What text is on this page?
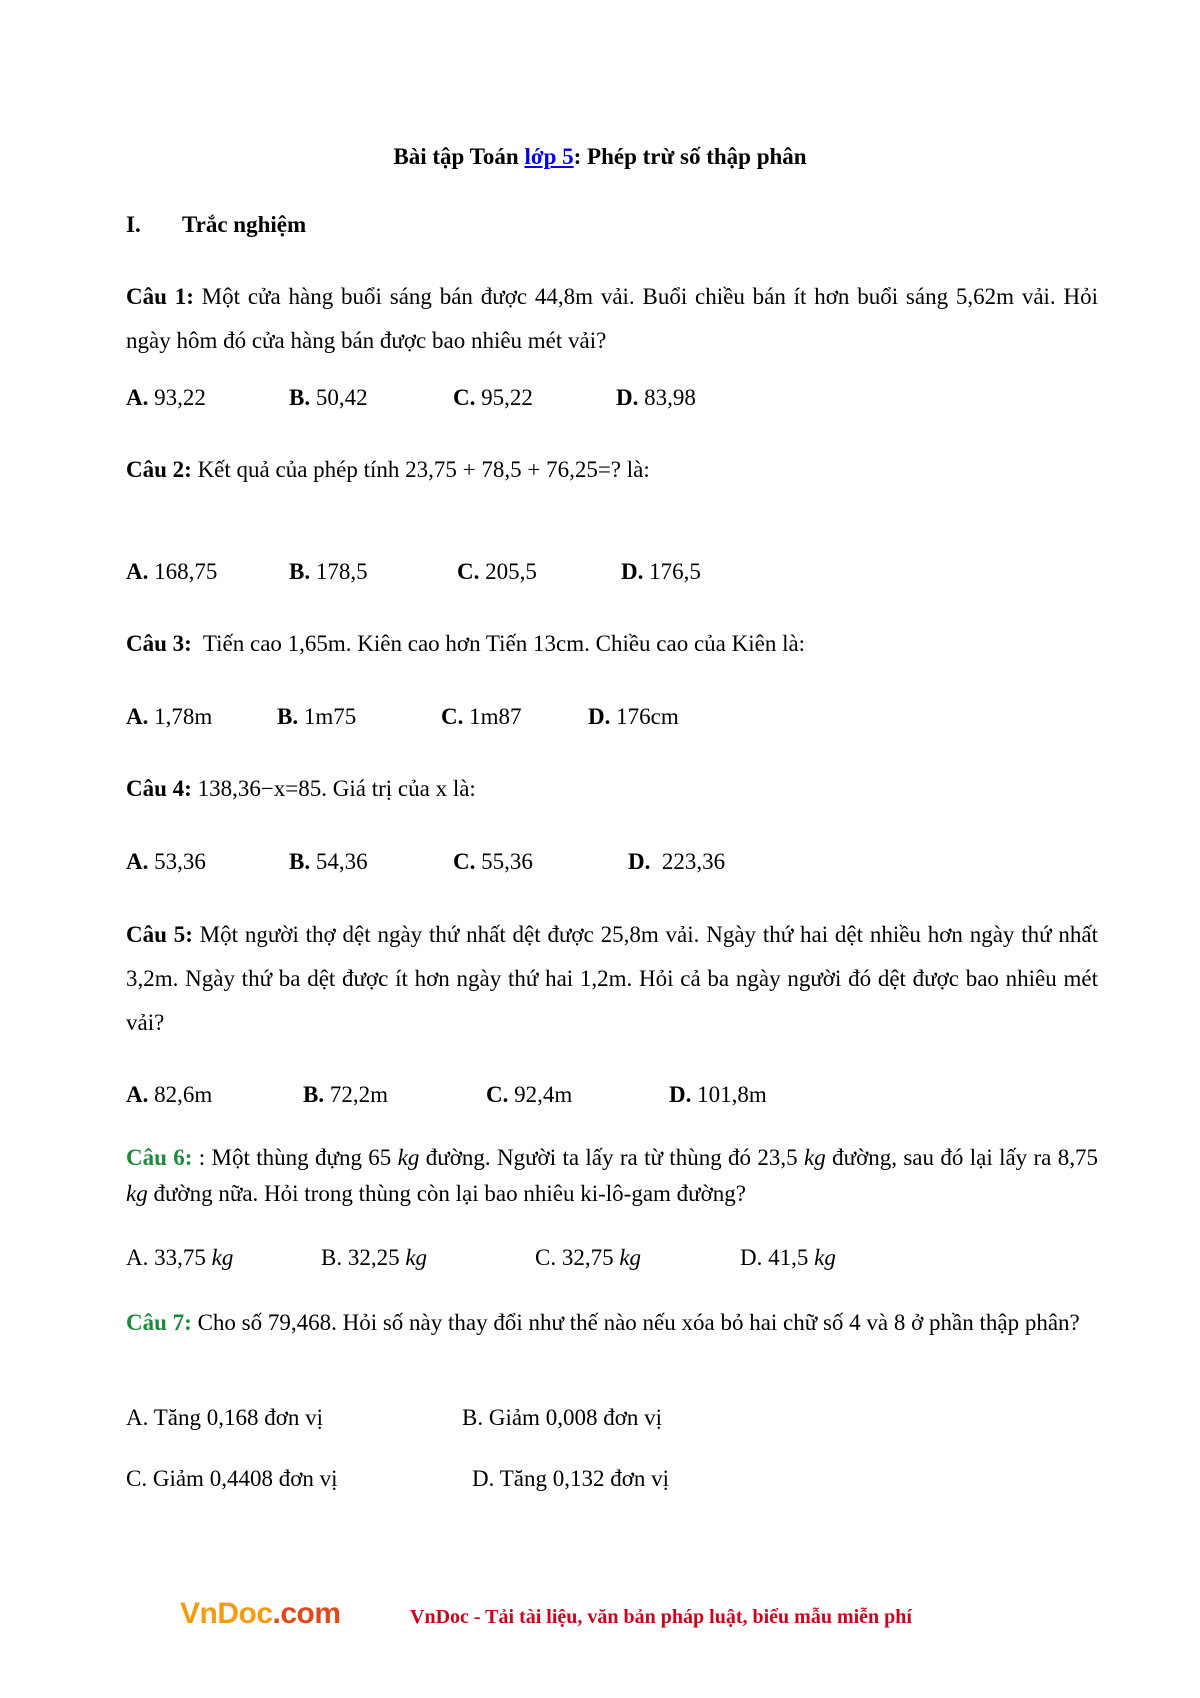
Bài tập Toán lớp 5: Phép trừ số thập phân
I. Trắc nghiệm
Câu 1: Một cửa hàng buổi sáng bán được 44,8m vải. Buổi chiều bán ít hơn buổi sáng 5,62m vải. Hỏi ngày hôm đó cửa hàng bán được bao nhiêu mét vải?
A. 93,22	B. 50,42	C. 95,22	D. 83,98
Câu 2: Kết quả của phép tính 23,75 + 78,5 + 76,25=? là:
A. 168,75	B. 178,5	C. 205,5	D. 176,5
Câu 3:  Tiến cao 1,65m. Kiên cao hơn Tiến 13cm. Chiều cao của Kiên là:
A. 1,78m	B. 1m75	C. 1m87	D. 176cm
Câu 4: 138,36−x=85. Giá trị của x là:
A. 53,36	B. 54,36	C. 55,36	D.  223,36
Câu 5: Một người thợ dệt ngày thứ nhất dệt được 25,8m vải. Ngày thứ hai dệt nhiều hơn ngày thứ nhất 3,2m. Ngày thứ ba dệt được ít hơn ngày thứ hai 1,2m. Hỏi cả ba ngày người đó dệt được bao nhiêu mét vải?
A. 82,6m	B. 72,2m	C. 92,4m	D. 101,8m
Câu 6: : Một thùng đựng 65 kg đường. Người ta lấy ra từ thùng đó 23,5 kg đường, sau đó lại lấy ra 8,75 kg đường nữa. Hỏi trong thùng còn lại bao nhiêu ki-lô-gam đường?
A. 33,75 kg	B. 32,25 kg	C. 32,75 kg	D. 41,5 kg
Câu 7: Cho số 79,468. Hỏi số này thay đổi như thế nào nếu xóa bỏ hai chữ số 4 và 8 ở phần thập phân?
A. Tăng 0,168 đơn vị	B. Giảm 0,008 đơn vị
C. Giảm 0,4408 đơn vị	D. Tăng 0,132 đơn vị
VnDoc.com	VnDoc - Tải tài liệu, văn bản pháp luật, biểu mẫu miễn phí
